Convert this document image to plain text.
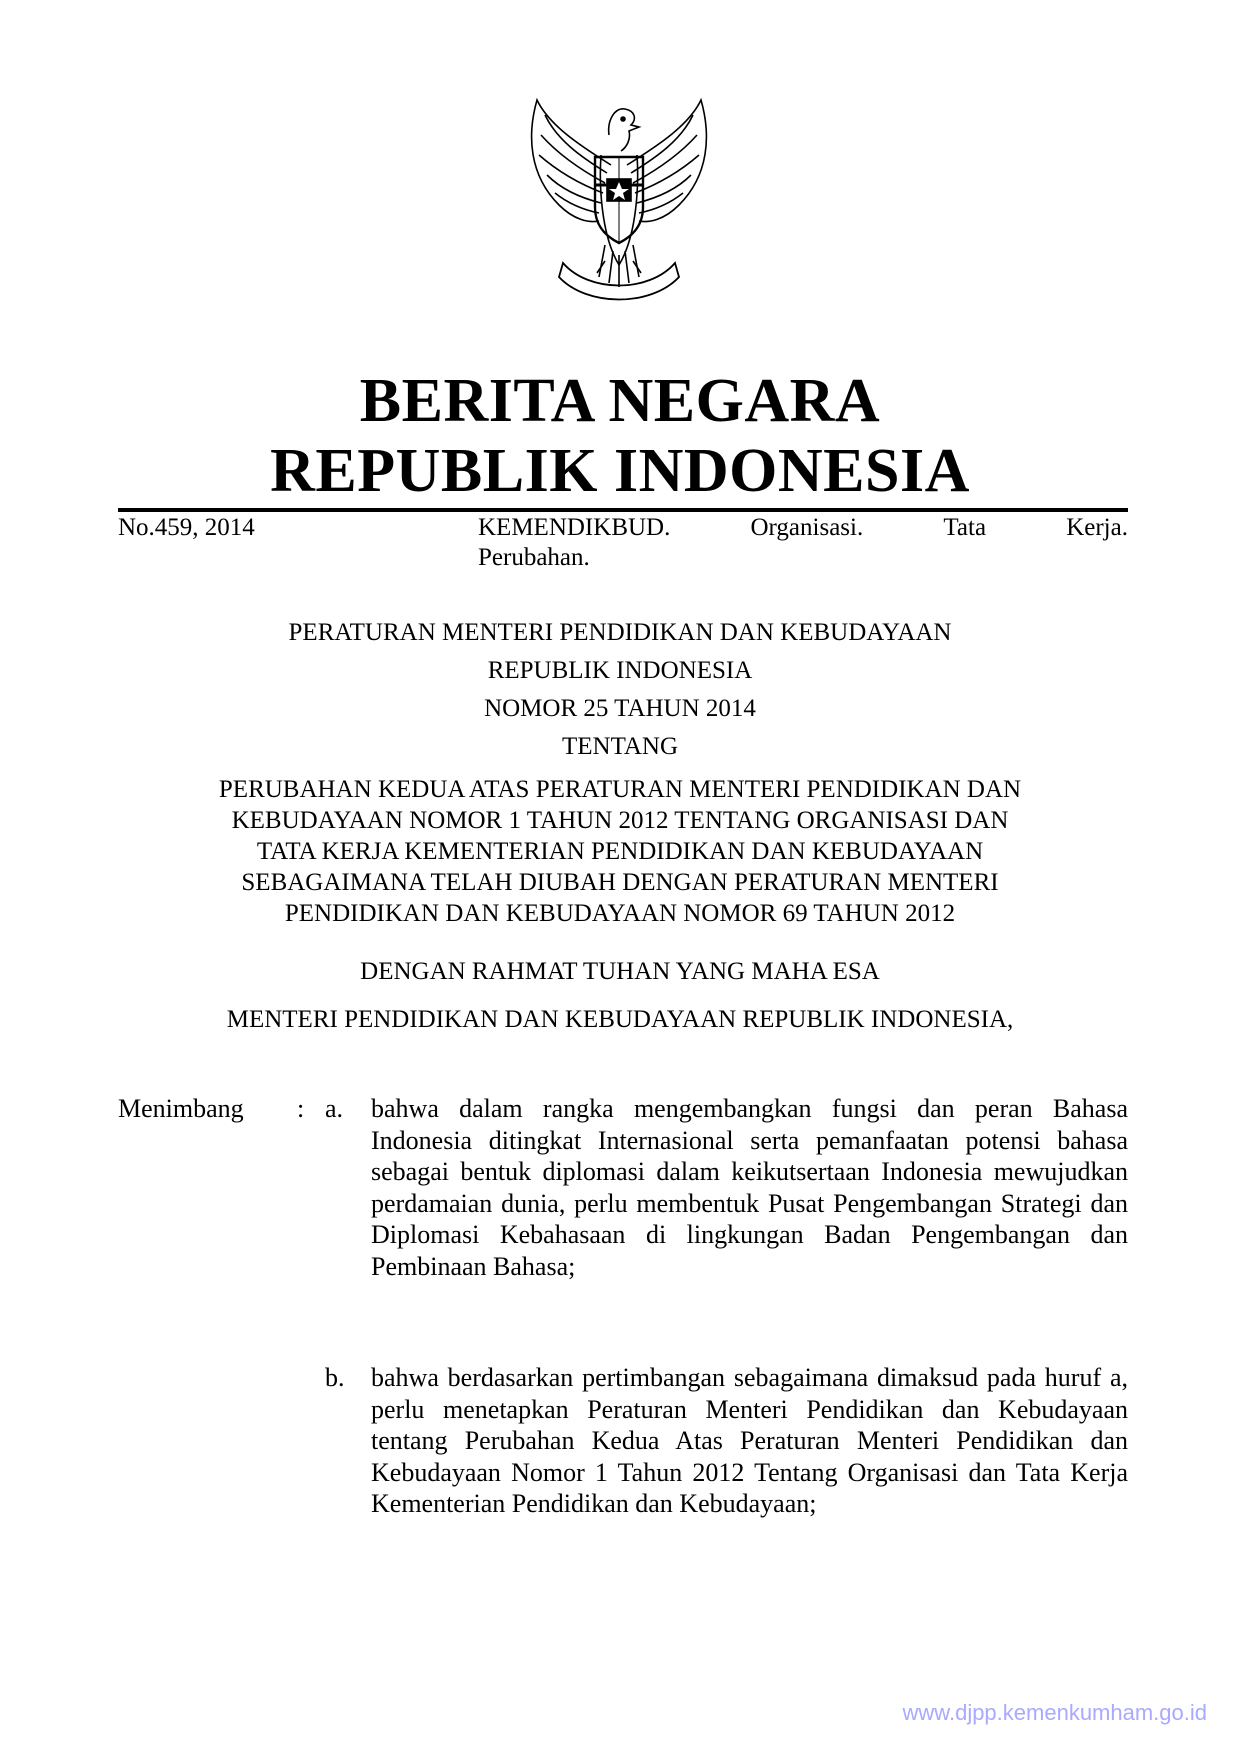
BERITA NEGARA
REPUBLIK INDONESIA
No.459, 2014	KEMENDIKBUD.	Organisasi.	Tata	Kerja.
Perubahan.
PERATURAN MENTERI PENDIDIKAN DAN KEBUDAYAAN
REPUBLIK INDONESIA
NOMOR 25 TAHUN 2014
TENTANG
PERUBAHAN KEDUA ATAS PERATURAN MENTERI PENDIDIKAN DAN
KEBUDAYAAN NOMOR 1 TAHUN 2012 TENTANG ORGANISASI DAN
TATA KERJA KEMENTERIAN PENDIDIKAN DAN KEBUDAYAAN
SEBAGAIMANA TELAH DIUBAH DENGAN PERATURAN MENTERI
PENDIDIKAN DAN KEBUDAYAAN NOMOR 69 TAHUN 2012
DENGAN RAHMAT TUHAN YANG MAHA ESA
MENTERI PENDIDIKAN DAN KEBUDAYAAN REPUBLIK INDONESIA,
Menimbang : a. bahwa dalam rangka mengembangkan fungsi dan peran Bahasa Indonesia ditingkat Internasional serta pemanfaatan potensi bahasa sebagai bentuk diplomasi dalam keikutsertaan Indonesia mewujudkan perdamaian dunia, perlu membentuk Pusat Pengembangan Strategi dan Diplomasi Kebahasaan di lingkungan Badan Pengembangan dan Pembinaan Bahasa;
b. bahwa berdasarkan pertimbangan sebagaimana dimaksud pada huruf a, perlu menetapkan Peraturan Menteri Pendidikan dan Kebudayaan tentang Perubahan Kedua Atas Peraturan Menteri Pendidikan dan Kebudayaan Nomor 1 Tahun 2012 Tentang Organisasi dan Tata Kerja Kementerian Pendidikan dan Kebudayaan;
www.djpp.kemenkumham.go.id
